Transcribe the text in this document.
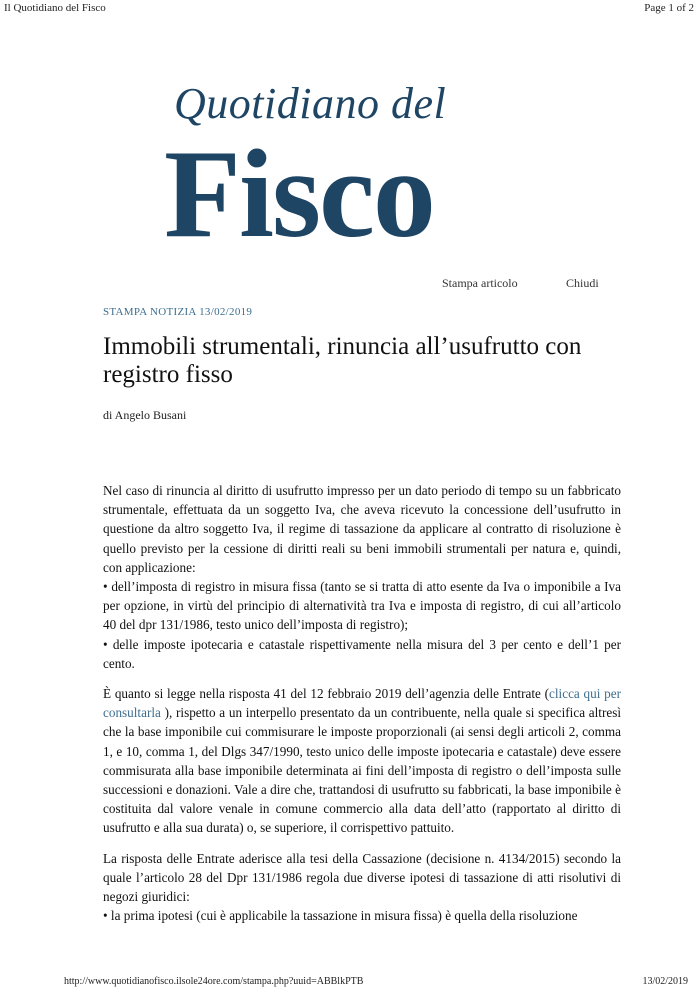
Il Quotidiano del Fisco	Page 1 of 2
Quotidiano del
Fisco
Stampa articolo	Chiudi
STAMPA NOTIZIA 13/02/2019
Immobili strumentali, rinuncia all’usufrutto con registro fisso
di Angelo Busani

Nel caso di rinuncia al diritto di usufrutto impresso per un dato periodo di tempo su un fabbricato strumentale, effettuata da un soggetto Iva, che aveva ricevuto la concessione dell’usufrutto in questione da altro soggetto Iva, il regime di tassazione da applicare al contratto di risoluzione è quello previsto per la cessione di diritti reali su beni immobili strumentali per natura e, quindi, con applicazione:
• dell’imposta di registro in misura fissa (tanto se si tratta di atto esente da Iva o imponibile a Iva per opzione, in virtù del principio di alternatività tra Iva e imposta di registro, di cui all’articolo 40 del dpr 131/1986, testo unico dell’imposta di registro);
• delle imposte ipotecaria e catastale rispettivamente nella misura del 3 per cento e dell’1 per cento.

È quanto si legge nella risposta 41 del 12 febbraio 2019 dell’agenzia delle Entrate (clicca qui per consultarla ), rispetto a un interpello presentato da un contribuente, nella quale si specifica altresì che la base imponibile cui commisurare le imposte proporzionali (ai sensi degli articoli 2, comma 1, e 10, comma 1, del Dlgs 347/1990, testo unico delle imposte ipotecaria e catastale) deve essere commisurata alla base imponibile determinata ai fini dell’imposta di registro o dell’imposta sulle successioni e donazioni. Vale a dire che, trattandosi di usufrutto su fabbricati, la base imponibile è costituita dal valore venale in comune commercio alla data dell’atto (rapportato al diritto di usufrutto e alla sua durata) o, se superiore, il corrispettivo pattuito.

La risposta delle Entrate aderisce alla tesi della Cassazione (decisione n. 4134/2015) secondo la quale l’articolo 28 del Dpr 131/1986 regola due diverse ipotesi di tassazione di atti risolutivi di negozi giuridici:
• la prima ipotesi (cui è applicabile la tassazione in misura fissa) è quella della risoluzione

http://www.quotidianofisco.ilsole24ore.com/stampa.php?uuid=ABBlkPTB	13/02/2019
